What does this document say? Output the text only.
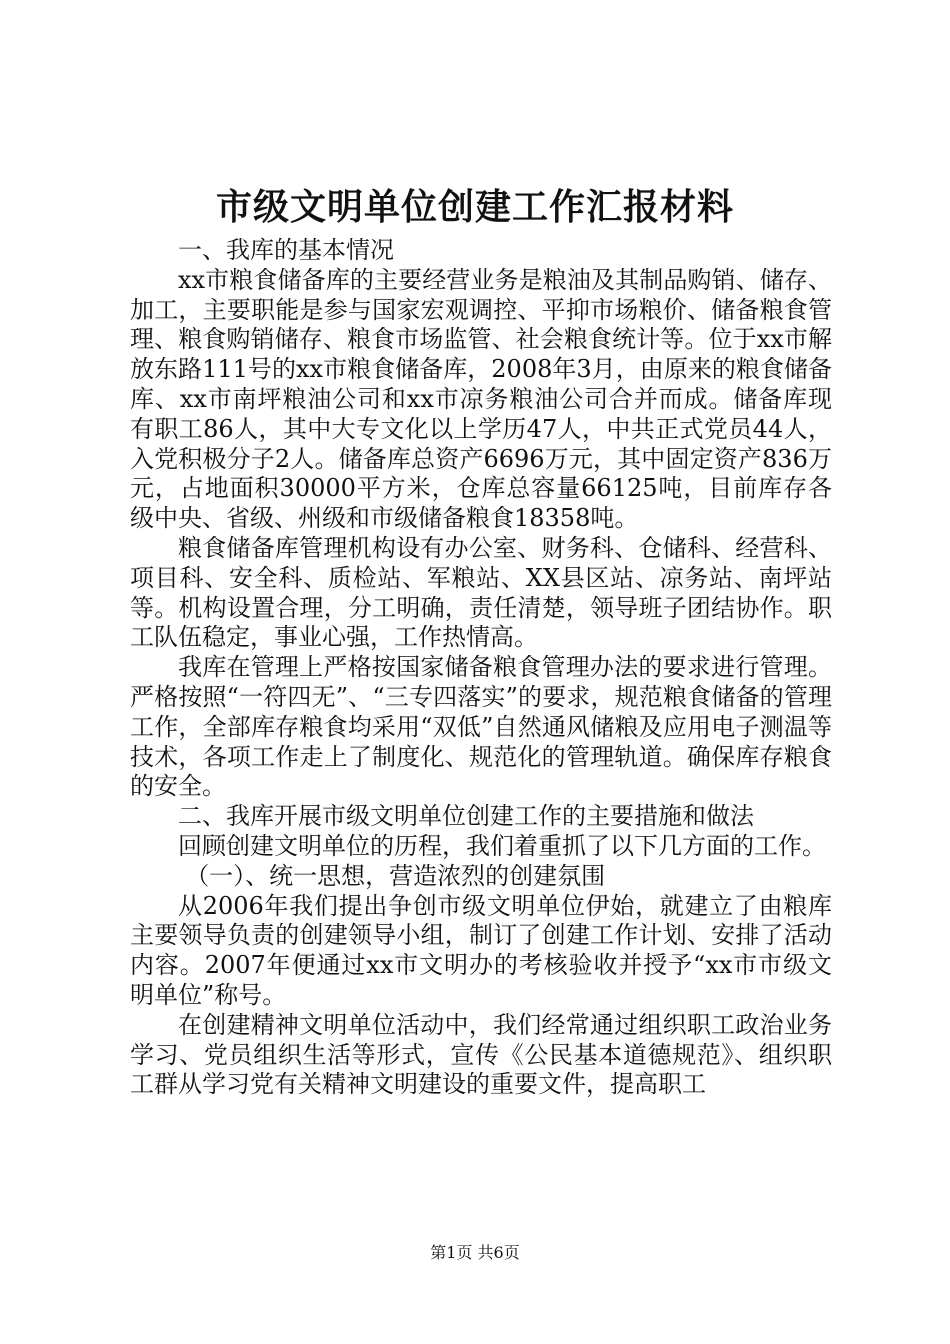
市级文明单位创建工作汇报材料

一、我库的基本情况

xx市粮食储备库的主要经营业务是粮油及其制品购销、储存、加工，主要职能是参与国家宏观调控、平抑市场粮价、储备粮食管理、粮食购销储存、粮食市场监管、社会粮食统计等。位于xx市解放东路111号的xx市粮食储备库，2008年3月，由原来的粮食储备库、xx市南坪粮油公司和xx市凉务粮油公司合并而成。储备库现有职工86人，其中大专文化以上学历47人，中共正式党员44人，入党积极分子2人。储备库总资产6696万元，其中固定资产836万元，占地面积30000平方米，仓库总容量66125吨，目前库存各级中央、省级、州级和市级储备粮食18358吨。

粮食储备库管理机构设有办公室、财务科、仓储科、经营科、项目科、安全科、质检站、军粮站、XX县区站、凉务站、南坪站等。机构设置合理，分工明确，责任清楚，领导班子团结协作。职工队伍稳定，事业心强，工作热情高。

我库在管理上严格按国家储备粮食管理办法的要求进行管理。严格按照“一符四无”、“三专四落实”的要求，规范粮食储备的管理工作，全部库存粮食均采用“双低”自然通风储粮及应用电子测温等技术，各项工作走上了制度化、规范化的管理轨道。确保库存粮食的安全。

二、我库开展市级文明单位创建工作的主要措施和做法

回顾创建文明单位的历程，我们着重抓了以下几方面的工作。

（一）、统一思想，营造浓烈的创建氛围

从2006年我们提出争创市级文明单位伊始，就建立了由粮库主要领导负责的创建领导小组，制订了创建工作计划、安排了活动内容。2007年便通过xx市文明办的考核验收并授予“xx市市级文明单位”称号。

在创建精神文明单位活动中，我们经常通过组织职工政治业务学习、党员组织生活等形式，宣传《公民基本道德规范》、组织职工群从学习党有关精神文明建设的重要文件，提高职工

第1页 共6页
